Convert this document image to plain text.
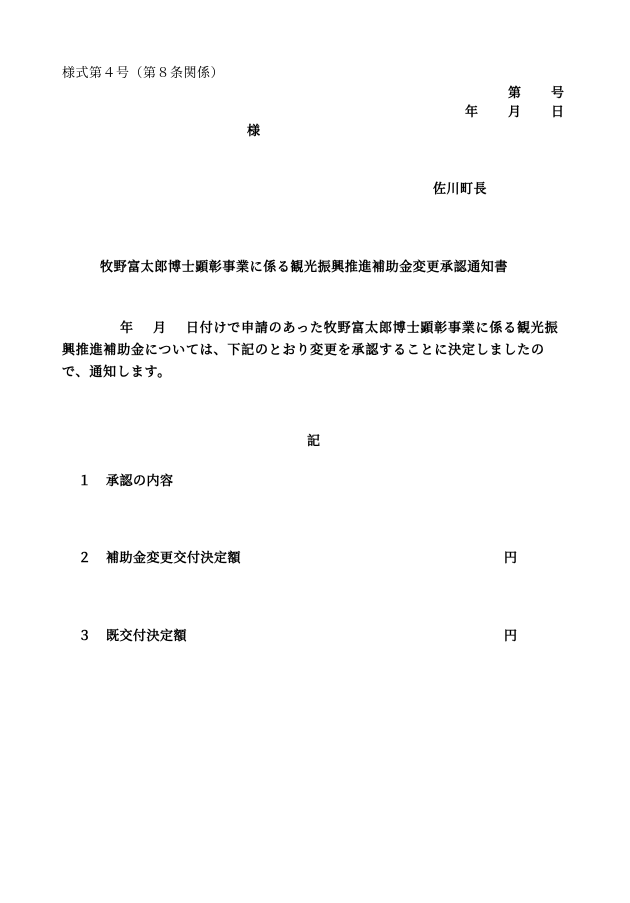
様式第４号（第８条関係）
第 号
年 月 日
様
佐川町長
牧野富太郎博士顕彰事業に係る観光振興推進補助金変更承認通知書
年　 月　 日付けで申請のあった牧野富太郎博士顕彰事業に係る観光振
興推進補助金については、下記のとおり変更を承認することに決定しましたの
で、通知します。
記
１ 承認の内容
２ 補助金変更交付決定額	円
３ 既交付決定額	円
